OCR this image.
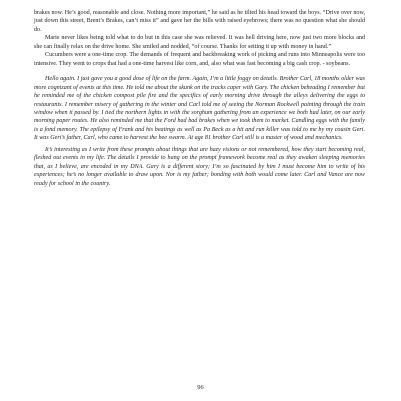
brakes now. He’s good, reasonable and close. Nothing more important,” he said as he tilted his head toward the boys. “Drive over now, just down this street, Brent’s Brakes, can’t miss it” and gave her the bills with raised eyebrows; there was no question what she should do.

Marie never likes being told what to do but in this case she was relieved. It was hell driving here, now just two more blocks and she can finally relax on the drive home. She smiled and nodded, “of course. Thanks for setting it up with money in hand.”

Cucumbers were a one-time crop. The demands of frequent and backbreaking work of picking and runs into Minneapolis were too intensive. They went to crops that had a one-time harvest like corn, and, also what was fast becoming a big cash crop. - soybeans.

Hello again. I just gave you a good dose of life on the farm. Again, I’m a little foggy on details. Brother Carl, 18 months older was more cognizant of events at this time. He told me about the skunk on the tracks caper with Gary. The chicken beheading I remember but he reminded me of the chicken compost pile fire and the specifics of early morning drive through the alleys delivering the eggs to restaurants. I remember misery of gathering in the winter and Carl told me of seeing the Norman Rockwell painting through the train window when it passed by. I tied the northern lights in with the sorghum gathering from an experience we both had later, on our early morning paper routes. He also reminded me that the Ford had bad brakes when we took them to market. Candling eggs with the family is a fond memory. The epilepsy of Frank and his beatings as well as Pa Beck as a hit and run killer was told to me by my cousin Geri. It was Geri’s father, Carl, who came to harvest the bee swarm. At age 81 brother Carl still is a master of wood and mechanics.

It’s interesting as I write from these prompts about things that are hazy visions or not remembered, how they start becoming real, fleshed out events in my life. The details I provide to hang on the prompt framework become real as they awaken sleeping memories that, as I believe, are encoded in my DNA. Gary is a different story; I’m so fascinated by him I must become him to write of his experiences; he’s no longer available to draw upon. Nor is my father; bonding with both would come later. Carl and Vance are now ready for school in the country.

96
